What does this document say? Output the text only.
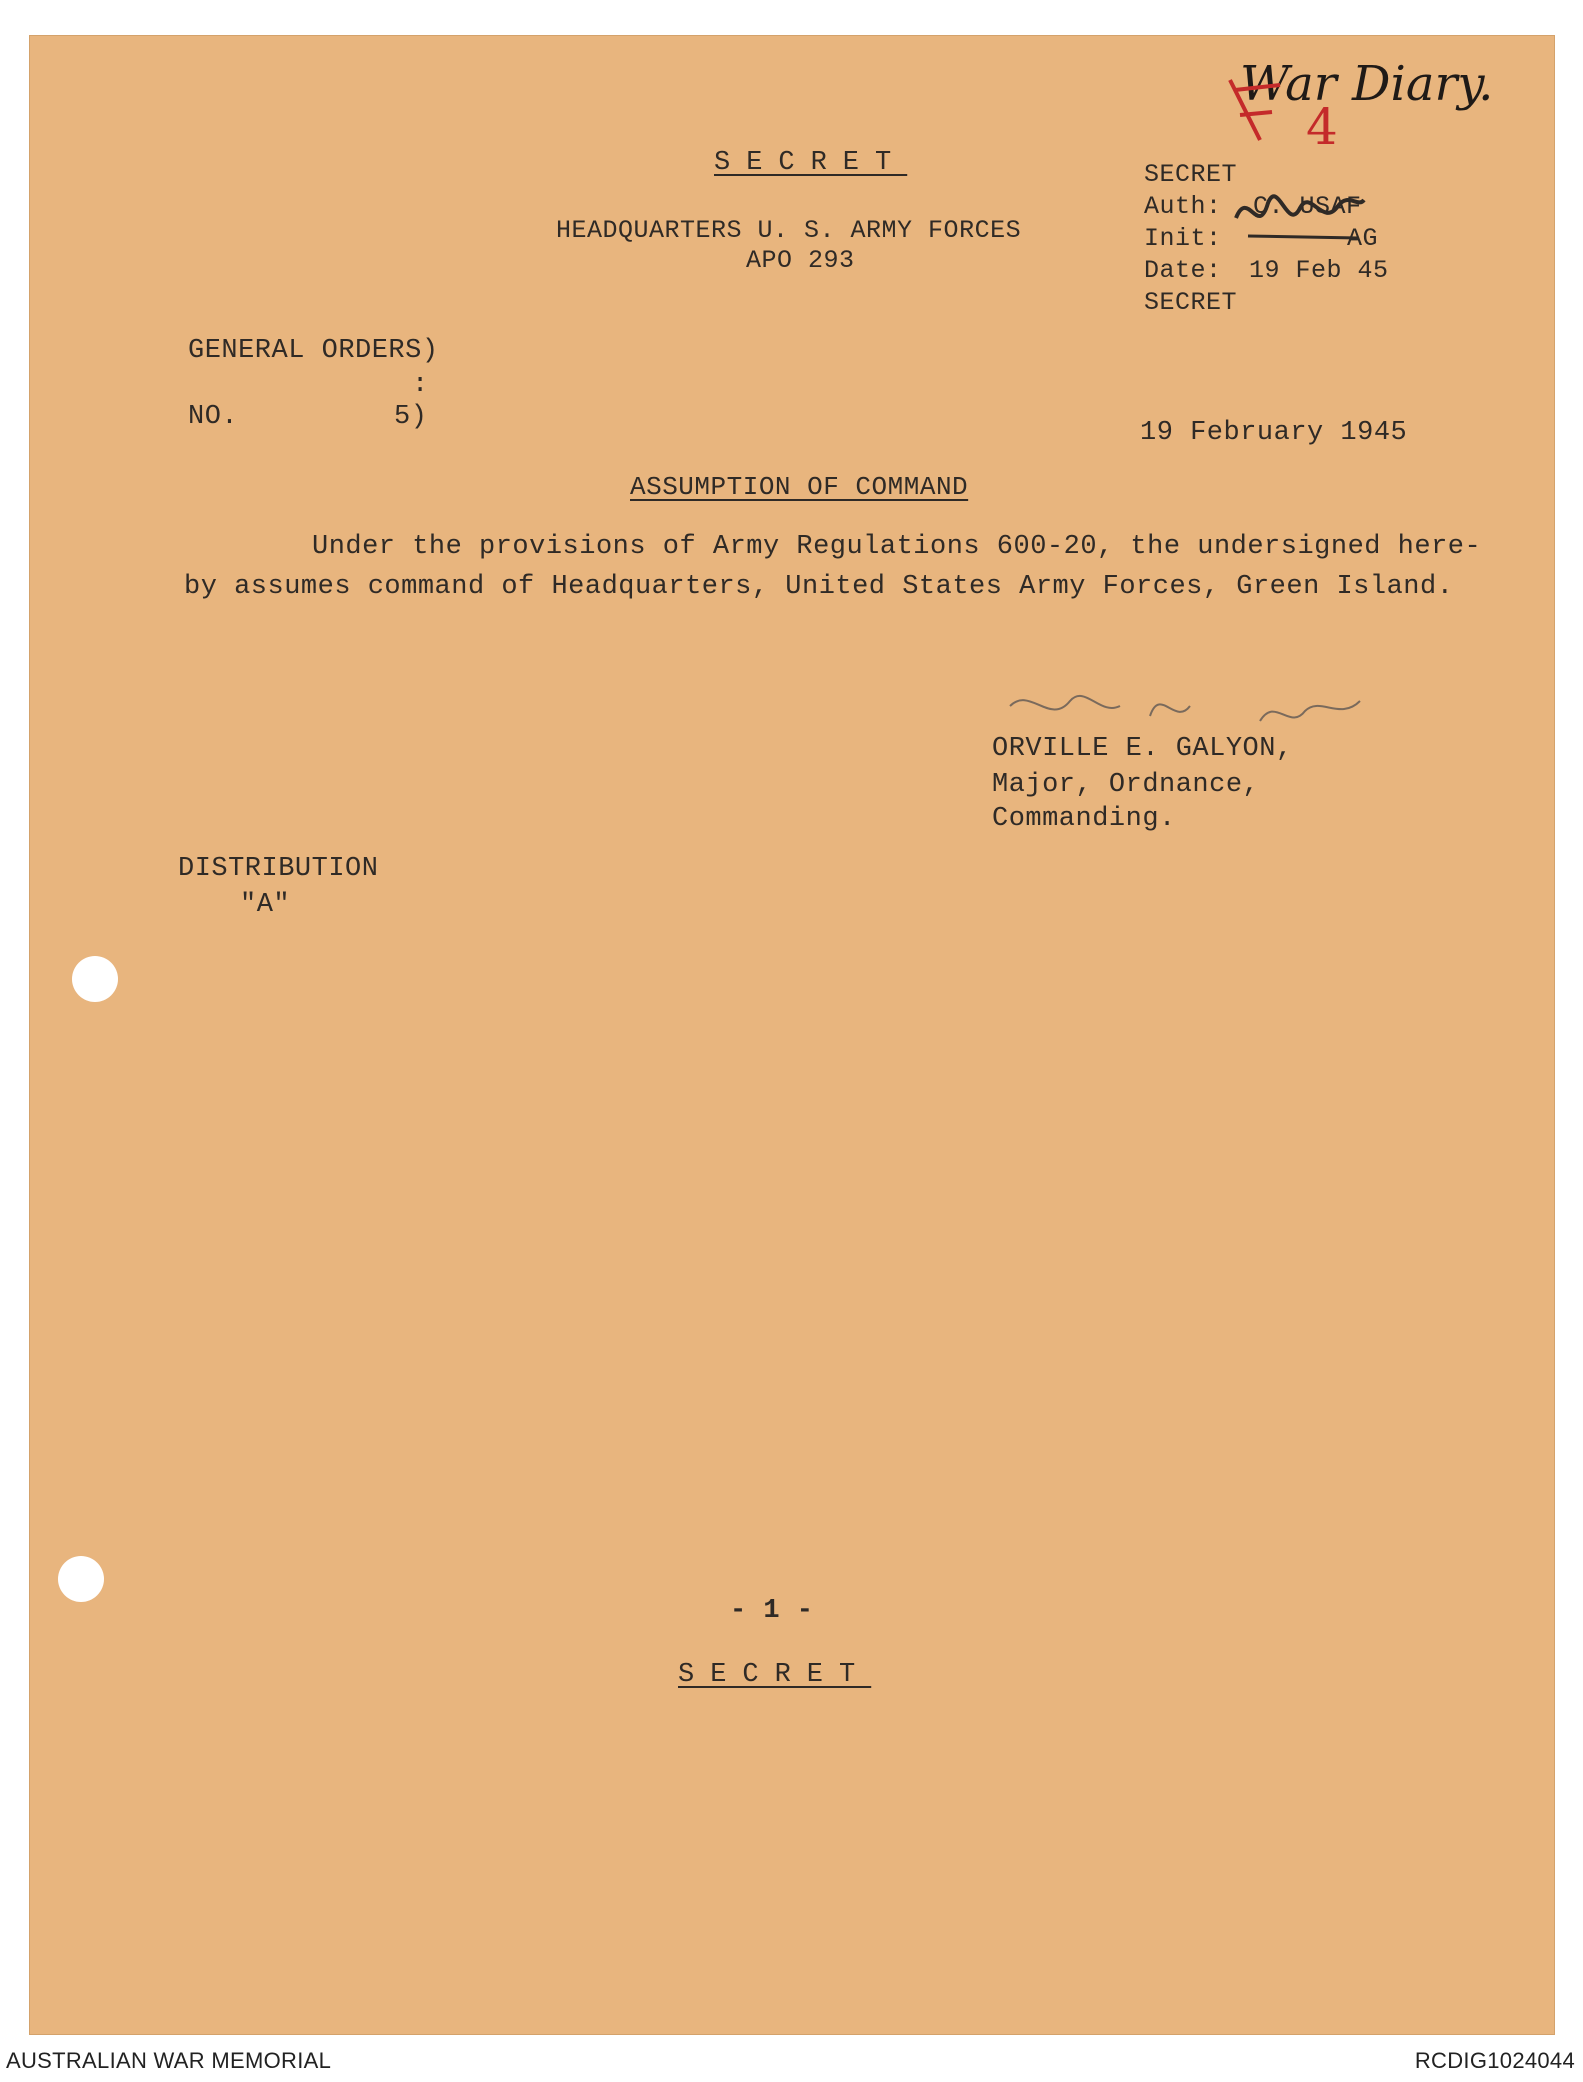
SECRET
HEADQUARTERS U. S. ARMY FORCES
APO 293
SECRET
Auth: C. USAF
Init:	AG
Date: 19 Feb 45
SECRET
War Diary.
4
GENERAL ORDERS)
:
NO.	5)
19 February 1945
ASSUMPTION OF COMMAND
Under the provisions of Army Regulations 600-20, the undersigned here-
by assumes command of Headquarters, United States Army Forces, Green Island.
ORVILLE E. GALYON,
Major, Ordnance,
Commanding.
DISTRIBUTION
"A"
- 1 -
SECRET
AUSTRALIAN WAR MEMORIAL	RCDIG1024044
